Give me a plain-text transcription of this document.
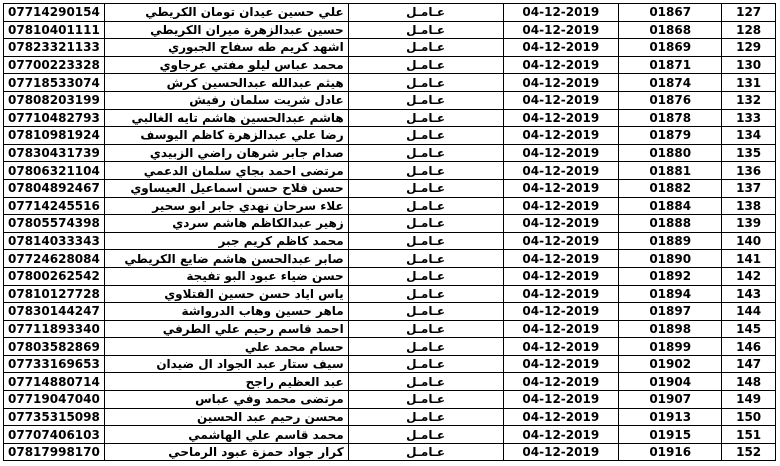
07714290154	علي حسين عيدان تومان الكريطي	عـامـل	04-12-2019	01867	127
07810401111	حسين عبدالزهرة ميران الكريطي	عـامـل	04-12-2019	01868	128
07823321133	اشهد كريم طه سفاح الجبوري	عـامـل	04-12-2019	01869	129
07700223328	محمد عباس ليلو مفتي عرجاوي	عـامـل	04-12-2019	01871	130
07718533074	هيثم عبدالله عبدالحسين كرش	عـامـل	04-12-2019	01874	131
07808203199	عادل شريت سلمان رفيش	عـامـل	04-12-2019	01876	132
07710482793	هاشم عبدالحسين هاشم تايه الغالبي	عـامـل	04-12-2019	01878	133
07810981924	رضا علي عبدالزهرة كاظم اليوسف	عـامـل	04-12-2019	01879	134
07830431739	صدام جابر شرهان راضي الزبيدي	عـامـل	04-12-2019	01880	135
07806321104	مرتضى احمد بجاي سلمان الدعمي	عـامـل	04-12-2019	01881	136
07804892467	حسن فلاح حسن اسماعيل العيساوي	عـامـل	04-12-2019	01882	137
07714245516	علاء سرحان نهدي جابر ابو سحير	عـامـل	04-12-2019	01884	138
07805574398	زهير عبدالكاظم هاشم سردي	عـامـل	04-12-2019	01888	139
07814033343	محمد كاظم كريم جبر	عـامـل	04-12-2019	01889	140
07724628084	صابر عبدالحسن هاشم ضايع الكريطي	عـامـل	04-12-2019	01890	141
07800262542	حسن ضياء عبود البو تفيجة	عـامـل	04-12-2019	01892	142
07810127728	ياس اياد حسن حسين الفتلاوي	عـامـل	04-12-2019	01894	143
07830144247	ماهر حسين وهاب الدرواشة	عـامـل	04-12-2019	01897	144
07711893340	احمد قاسم رحيم علي الطرفي	عـامـل	04-12-2019	01898	145
07803582869	حسام محمد علي	عـامـل	04-12-2019	01899	146
07733169653	سيف ستار عبد الجواد ال ضيدان	عـامـل	04-12-2019	01902	147
07714880714	عبد العظيم راجح	عـامـل	04-12-2019	01904	148
07719047040	مرتضى محمد وفي عباس	عـامـل	04-12-2019	01907	149
07735315098	محسن رحيم عبد الحسين	عـامـل	04-12-2019	01913	150
07707406103	محمد قاسم علي الهاشمي	عـامـل	04-12-2019	01915	151
07817998170	كرار جواد حمزة عبود الرماحي	عـامـل	04-12-2019	01916	152
